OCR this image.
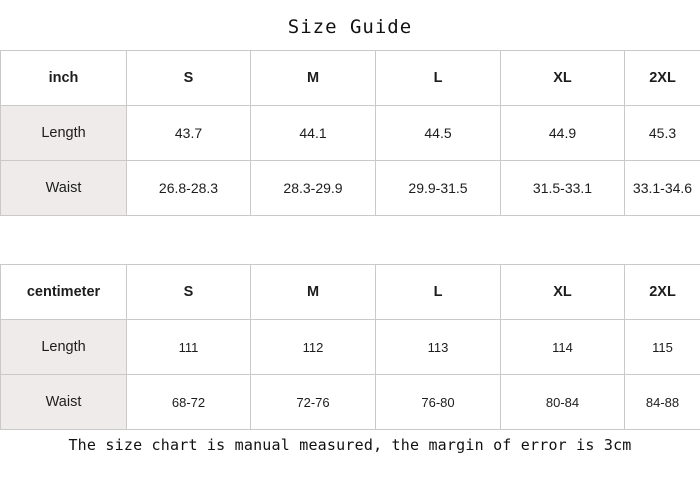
Size Guide
inch	S	M	L	XL	2XL
Length	43.7	44.1	44.5	44.9	45.3
Waist	26.8-28.3	28.3-29.9	29.9-31.5	31.5-33.1	33.1-34.6
centimeter	S	M	L	XL	2XL
Length	111	112	113	114	115
Waist	68-72	72-76	76-80	80-84	84-88
The size chart is manual measured, the margin of error is 3cm
